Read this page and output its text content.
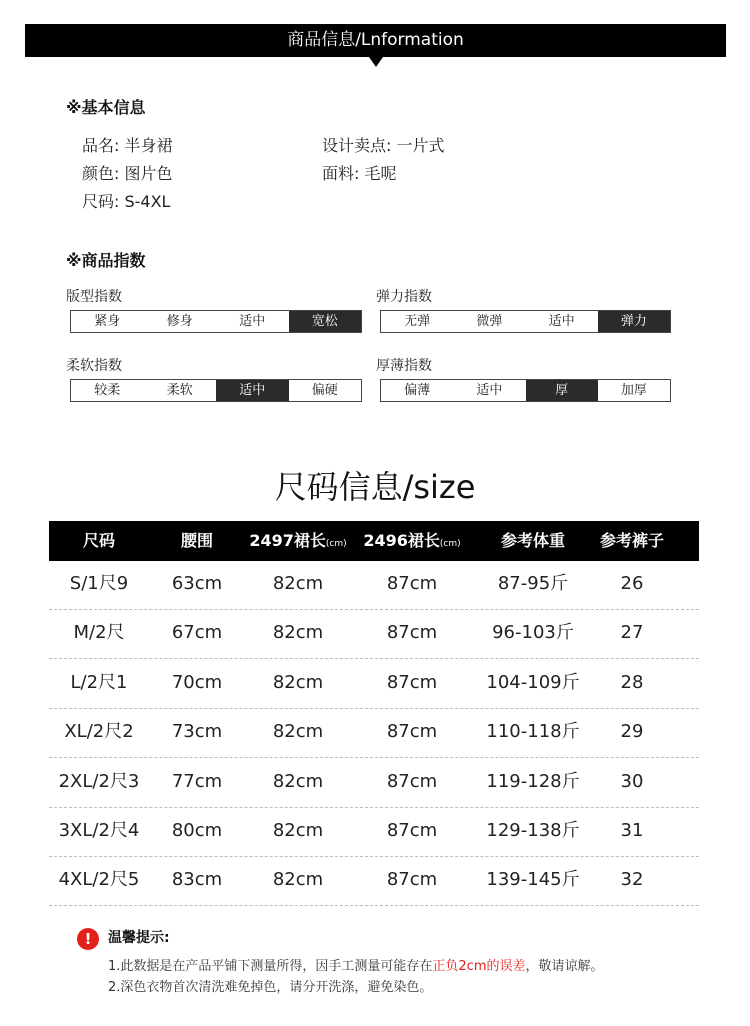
商品信息/Lnformation
※基本信息
品名: 半身裙	设计卖点: 一片式
颜色: 图片色	面料: 毛呢
尺码: S-4XL
※商品指数
版型指数
紧身	修身	适中	宽松
弹力指数
无弹	微弹	适中	弹力
柔软指数
较柔	柔软	适中	偏硬
厚薄指数
偏薄	适中	厚	加厚
尺码信息/size
尺码	腰围	2497裙长(cm)	2496裙长(cm)	参考体重	参考裤子
S/1尺9	63cm	82cm	87cm	87-95斤	26
M/2尺	67cm	82cm	87cm	96-103斤	27
L/2尺1	70cm	82cm	87cm	104-109斤	28
XL/2尺2	73cm	82cm	87cm	110-118斤	29
2XL/2尺3	77cm	82cm	87cm	119-128斤	30
3XL/2尺4	80cm	82cm	87cm	129-138斤	31
4XL/2尺5	83cm	82cm	87cm	139-145斤	32
!	温馨提示:
1.此数据是在产品平铺下测量所得，因手工测量可能存在正负2cm的误差，敬请谅解。
2.深色衣物首次清洗难免掉色，请分开洗涤，避免染色。
